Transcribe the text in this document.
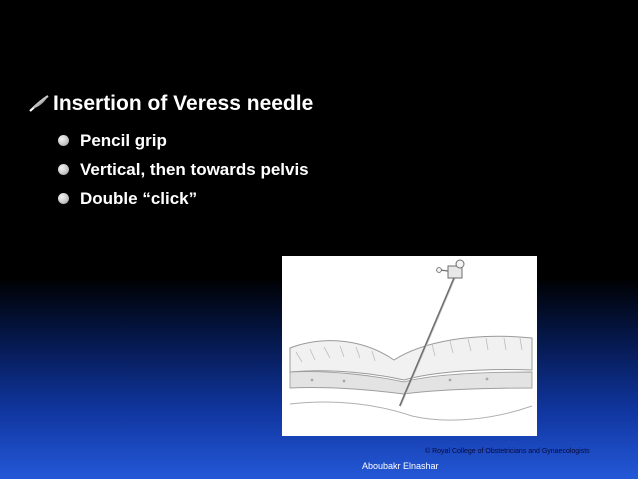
Insertion of Veress needle
Pencil grip
Vertical, then towards pelvis
Double “click”
© Royal College of Obstetricians and Gynaecologists
Aboubakr Elnashar
